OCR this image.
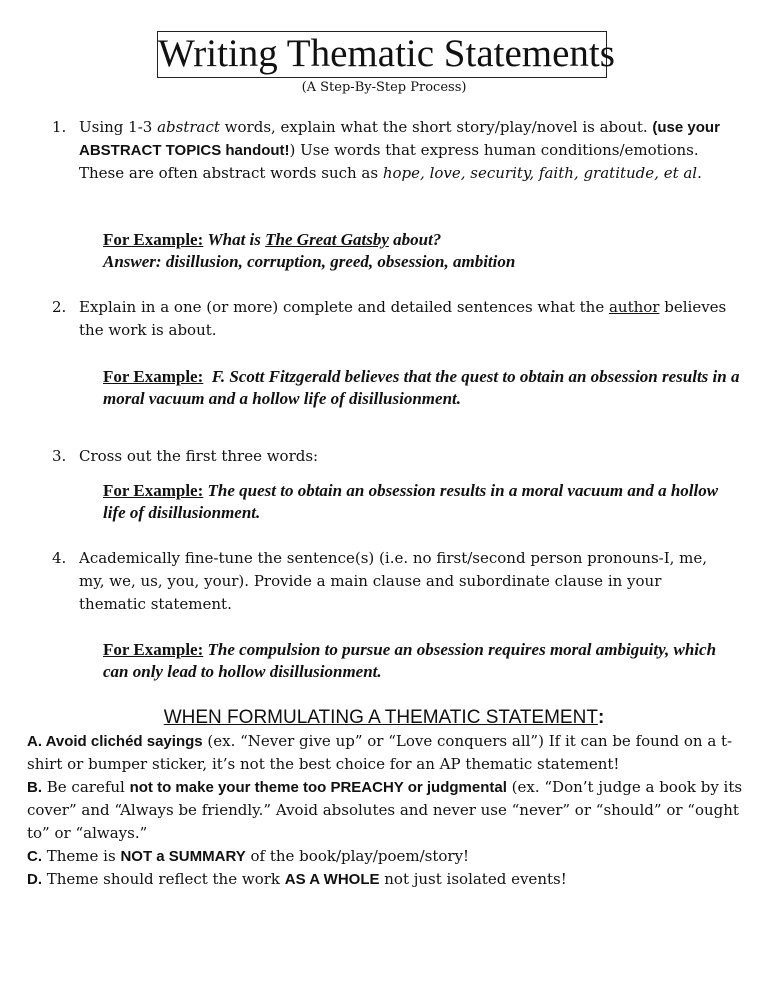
Writing Thematic Statements
(A Step-By-Step Process)
1. Using 1-3 abstract words, explain what the short story/play/novel is about. (use your ABSTRACT TOPICS handout!) Use words that express human conditions/emotions. These are often abstract words such as hope, love, security, faith, gratitude, et al.
For Example: What is The Great Gatsby about?
Answer: disillusion, corruption, greed, obsession, ambition
2. Explain in a one (or more) complete and detailed sentences what the author believes the work is about.
For Example: F. Scott Fitzgerald believes that the quest to obtain an obsession results in a moral vacuum and a hollow life of disillusionment.
3. Cross out the first three words:
For Example: The quest to obtain an obsession results in a moral vacuum and a hollow life of disillusionment.
4. Academically fine-tune the sentence(s) (i.e. no first/second person pronouns-I, me, my, we, us, you, your). Provide a main clause and subordinate clause in your thematic statement.
For Example: The compulsion to pursue an obsession requires moral ambiguity, which can only lead to hollow disillusionment.
WHEN FORMULATING A THEMATIC STATEMENT:

A. Avoid clichéd sayings (ex. “Never give up” or “Love conquers all”) If it can be found on a t-shirt or bumper sticker, it’s not the best choice for an AP thematic statement!

B. Be careful not to make your theme too PREACHY or judgmental (ex. “Don’t judge a book by its cover” and “Always be friendly.” Avoid absolutes and never use “never” or “should” or “ought to” or “always.”

C. Theme is NOT a SUMMARY of the book/play/poem/story!

D. Theme should reflect the work AS A WHOLE not just isolated events!
